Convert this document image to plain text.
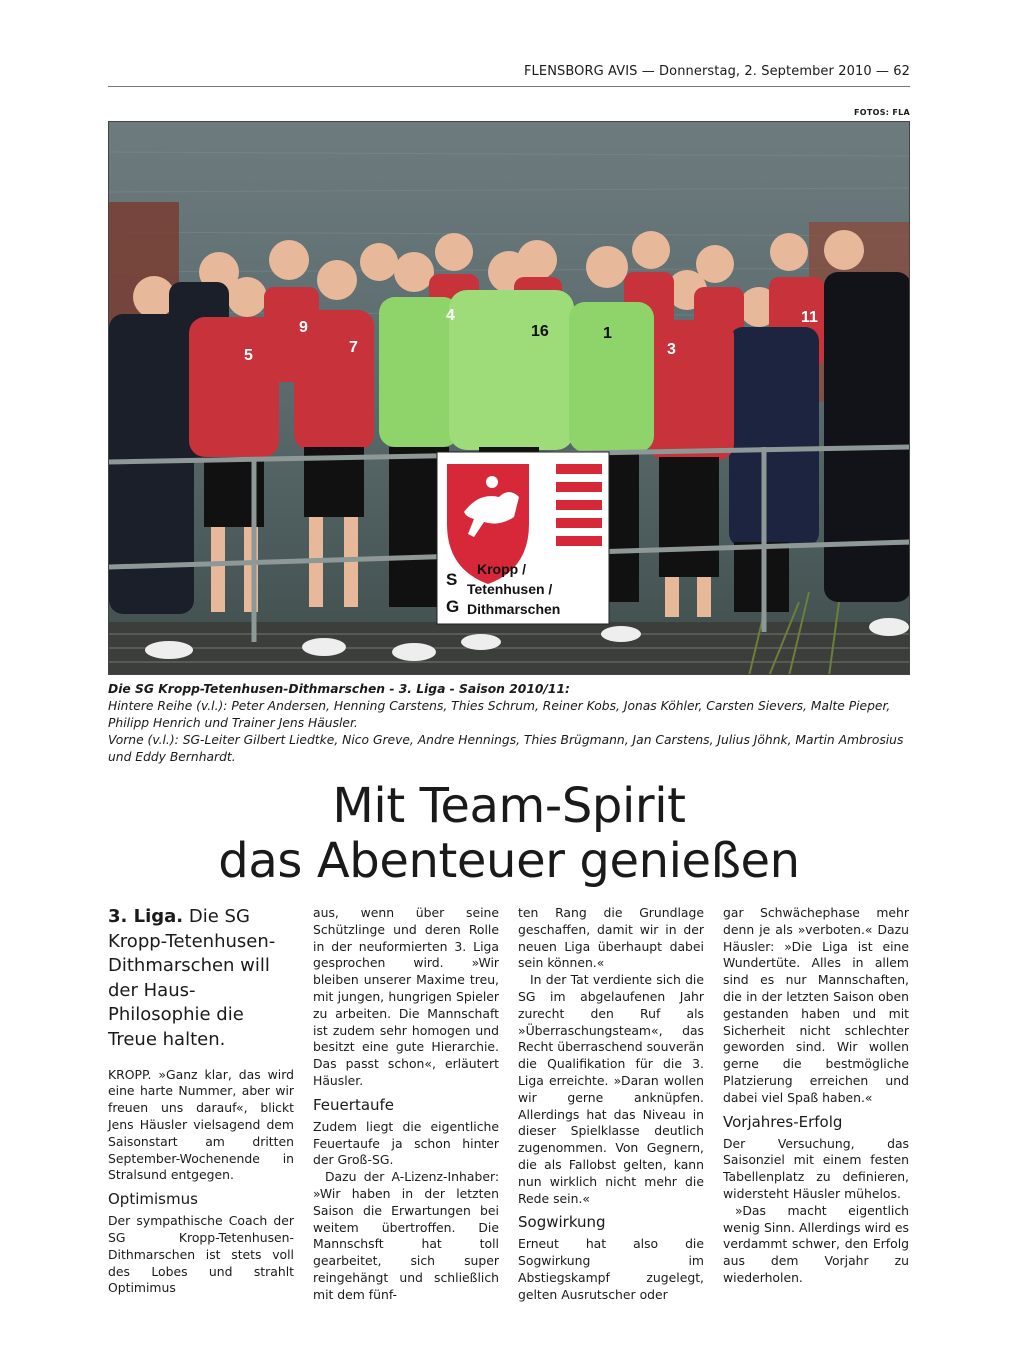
FLENSBORG AVIS — Donnerstag, 2. September 2010 — 62
FOTOS: FLA
5
9
7
4
16	1
3
11
S
G
Kropp /
Tetenhusen /
Dithmarschen

Die SG Kropp-Tetenhusen-Dithmarschen - 3. Liga - Saison 2010/11:

Hintere Reihe (v.l.): Peter Andersen, Henning Carstens, Thies Schrum, Reiner Kobs, Jonas Köhler, Carsten Sievers, Malte Pieper, Philipp Henrich und Trainer Jens Häusler.

Vorne (v.l.): SG-Leiter Gilbert Liedtke, Nico Greve, Andre Hennings, Thies Brügmann, Jan Carstens, Julius Jöhnk, Martin Ambrosius und Eddy Bernhardt.

Mit Team-Spirit
das Abenteuer genießen
3. Liga. Die SG Kropp-Tetenhusen-Dithmarschen will der Haus-Philosophie die Treue halten.

KROPP. »Ganz klar, das wird eine harte Nummer, aber wir freuen uns darauf«, blickt Jens Häusler vielsagend dem Saisonstart am dritten September-Wochenende in Stralsund entgegen.

Optimismus

Der sympathische Coach der SG Kropp-Tetenhusen-Dithmarschen ist stets voll des Lobes und strahlt Optimimus

aus, wenn über seine Schützlinge und deren Rolle in der neuformierten 3. Liga gesprochen wird. »Wir bleiben unserer Maxime treu, mit jungen, hungrigen Spieler zu arbeiten. Die Mannschaft ist zudem sehr homogen und besitzt eine gute Hierarchie. Das passt schon«, erläutert Häusler.

Feuertaufe

Zudem liegt die eigentliche Feuertaufe ja schon hinter der Groß-SG.

Dazu der A-Lizenz-Inhaber: »Wir haben in der letzten Saison die Erwartungen bei weitem übertroffen. Die Mannschsft hat toll gearbeitet, sich super reingehängt und schließlich mit dem fünf-

ten Rang die Grundlage geschaffen, damit wir in der neuen Liga überhaupt dabei sein können.«

In der Tat verdiente sich die SG im abgelaufenen Jahr zurecht den Ruf als »Überraschungsteam«, das Recht überraschend souverän die Qualifikation für die 3. Liga erreichte. »Daran wollen wir gerne anknüpfen. Allerdings hat das Niveau in dieser Spielklasse deutlich zugenommen. Von Gegnern, die als Fallobst gelten, kann nun wirklich nicht mehr die Rede sein.«

Sogwirkung

Erneut hat also die Sogwirkung im Abstiegskampf zugelegt, gelten Ausrutscher oder

gar Schwächephase mehr denn je als »verboten.« Dazu Häusler: »Die Liga ist eine Wundertüte. Alles in allem sind es nur Mannschaften, die in der letzten Saison oben gestanden haben und mit Sicherheit nicht schlechter geworden sind. Wir wollen gerne die bestmögliche Platzierung erreichen und dabei viel Spaß haben.«

Vorjahres-Erfolg

Der Versuchung, das Saisonziel mit einem festen Tabellenplatz zu definieren, widersteht Häusler mühelos.

»Das macht eigentlich wenig Sinn. Allerdings wird es verdammt schwer, den Erfolg aus dem Vorjahr zu wiederholen.
